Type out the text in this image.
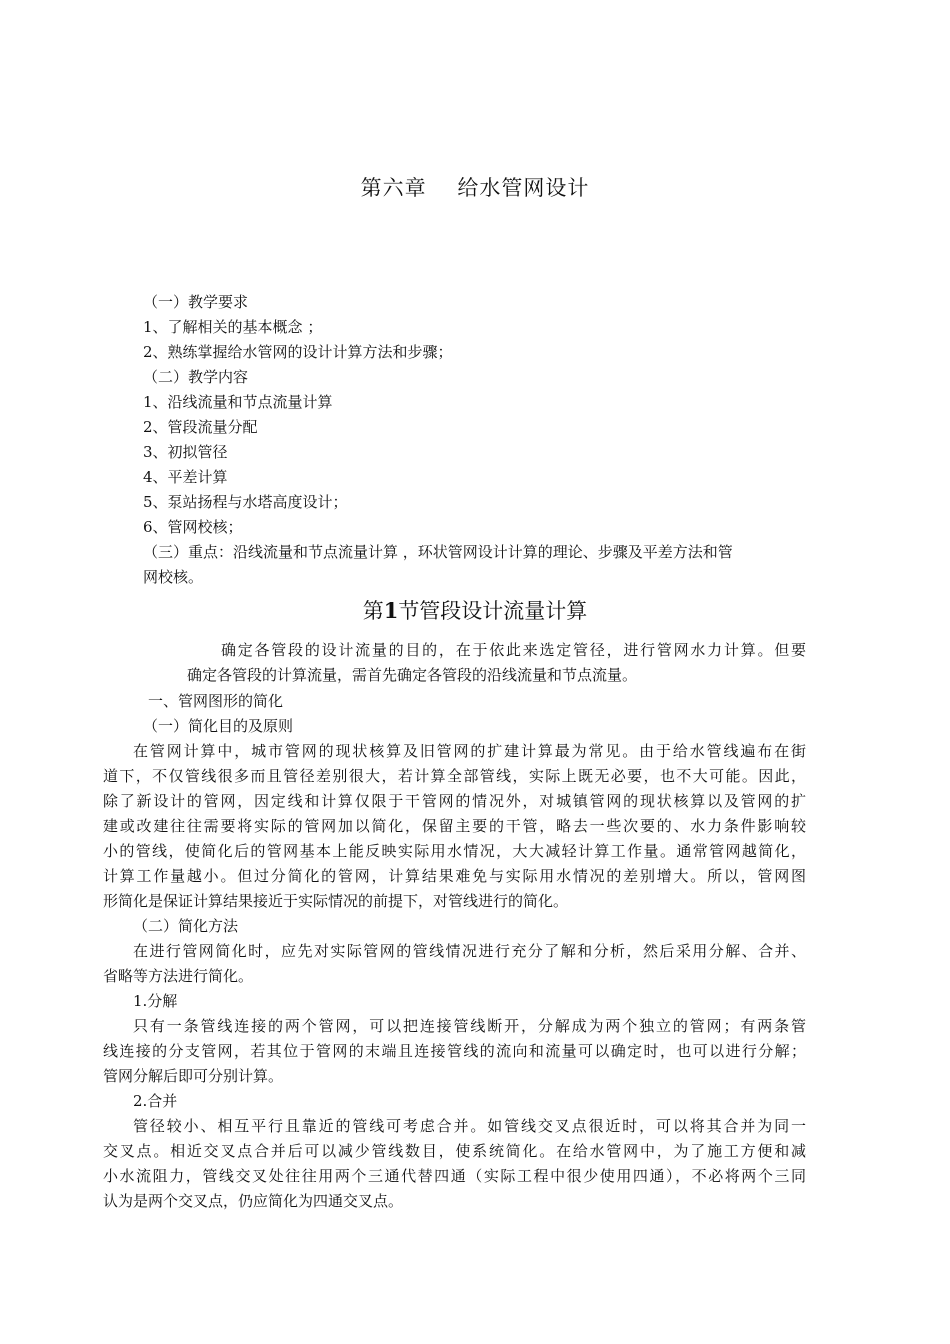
第六章    给水管网设计
（一）教学要求
1、了解相关的基本概念 ；
2、熟练掌握给水管网的设计计算方法和步骤；
（二）教学内容
1、沿线流量和节点流量计算
2、管段流量分配
3、初拟管径
4、平差计算
5、泵站扬程与水塔高度设计；
6、管网校核；
（三）重点：沿线流量和节点流量计算 ，环状管网设计计算的理论、步骤及平差方法和管
网校核。
第1节管段设计流量计算
确定各管段的设计流量的目的，在于依此来选定管径，进行管网水力计算。但要
确定各管段的计算流量，需首先确定各管段的沿线流量和节点流量。
一、管网图形的简化
（一）简化目的及原则
在管网计算中，城市管网的现状核算及旧管网的扩建计算最为常见。由于给水管线遍布在街
道下，不仅管线很多而且管径差别很大，若计算全部管线，实际上既无必要，也不大可能。因此，
除了新设计的管网，因定线和计算仅限于干管网的情况外，对城镇管网的现状核算以及管网的扩
建或改建往往需要将实际的管网加以简化，保留主要的干管，略去一些次要的、水力条件影响较
小的管线，使简化后的管网基本上能反映实际用水情况，大大减轻计算工作量。通常管网越简化，
计算工作量越小。但过分简化的管网，计算结果难免与实际用水情况的差别增大。所以，管网图
形简化是保证计算结果接近于实际情况的前提下，对管线进行的简化。
（二）简化方法
在进行管网简化时，应先对实际管网的管线情况进行充分了解和分析，然后采用分解、合并、
省略等方法进行简化。
1.分解
只有一条管线连接的两个管网，可以把连接管线断开，分解成为两个独立的管网；有两条管
线连接的分支管网，若其位于管网的末端且连接管线的流向和流量可以确定时，也可以进行分解；
管网分解后即可分别计算。
2.合并
管径较小、相互平行且靠近的管线可考虑合并。如管线交叉点很近时，可以将其合并为同一
交叉点。相近交叉点合并后可以减少管线数目，使系统简化。在给水管网中，为了施工方便和减
小水流阻力，管线交叉处往往用两个三通代替四通（实际工程中很少使用四通），不必将两个三同
认为是两个交叉点，仍应简化为四通交叉点。
